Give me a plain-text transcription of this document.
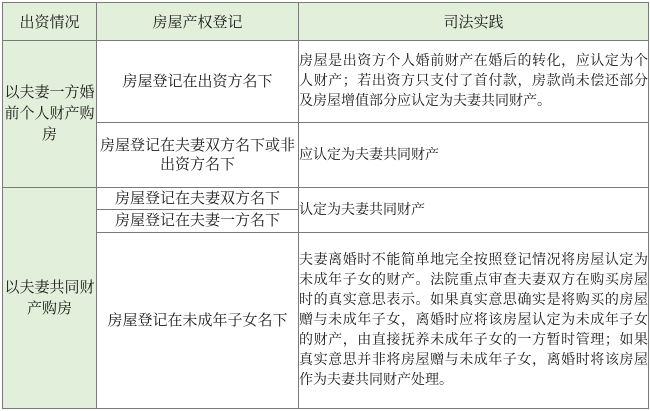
出资情况	房屋产权登记	司法实践
以夫妻一方婚前个人财产购房	房屋登记在出资方名下	房屋是出资方个人婚前财产在婚后的转化，应认定为个人财产；若出资方只支付了首付款，房款尚未偿还部分及房屋增值部分应认定为夫妻共同财产。
	房屋登记在夫妻双方名下或非出资方名下	应认定为夫妻共同财产
以夫妻共同财产购房	房屋登记在夫妻双方名下	认定为夫妻共同财产
	房屋登记在夫妻一方名下	
	房屋登记在未成年子女名下	夫妻离婚时不能简单地完全按照登记情况将房屋认定为未成年子女的财产。法院重点审查夫妻双方在购买房屋时的真实意思表示。如果真实意思确实是将购买的房屋赠与未成年子女，离婚时应将该房屋认定为未成年子女的财产，由直接抚养未成年子女的一方暂时管理；如果真实意思并非将房屋赠与未成年子女，离婚时将该房屋作为夫妻共同财产处理。
